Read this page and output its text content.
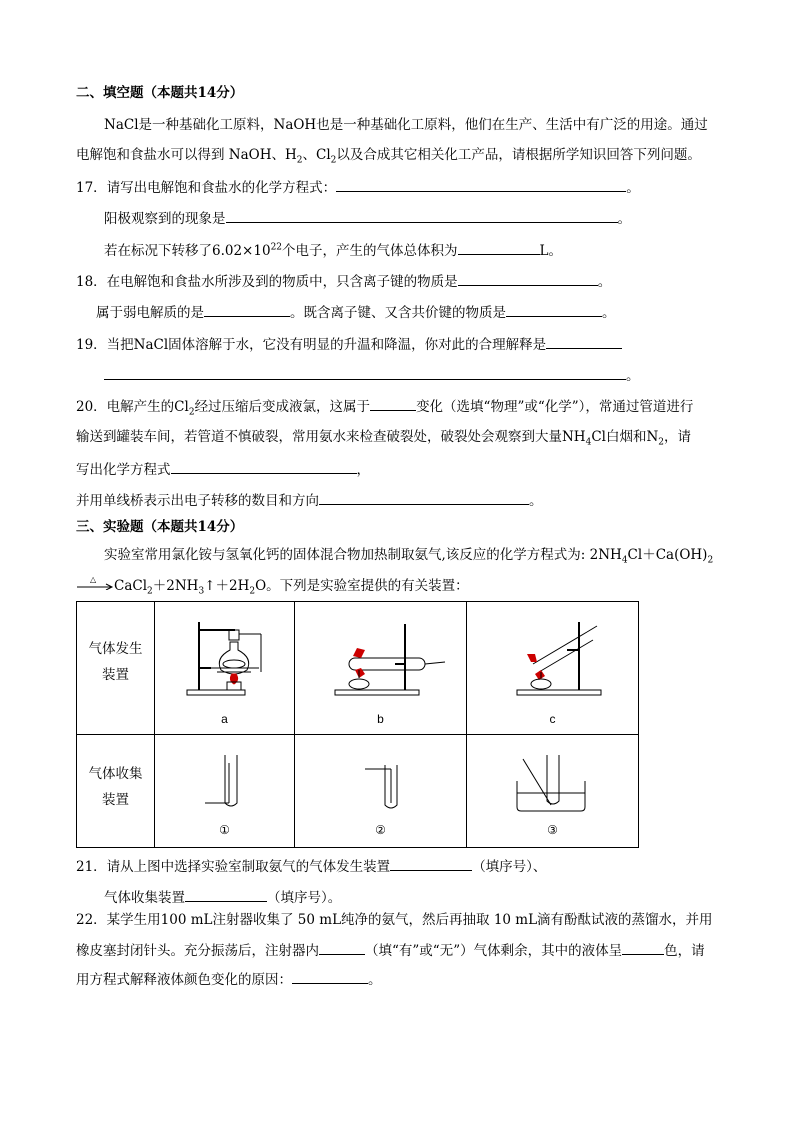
二、填空题（本题共14分）
NaCl是一种基础化工原料，NaOH也是一种基础化工原料，他们在生产、生活中有广泛的用途。通过
电解饱和食盐水可以得到 NaOH、$H_2$、$Cl_2$以及合成其它相关化工产品，请根据所学知识回答下列问题。
17．请写出电解饱和食盐水的化学方程式：	。
阳极观察到的现象是	。
若在标况下转移了$6.02\times 10^{22}$个电子，产生的气体总体积为	L。
18．在电解饱和食盐水所涉及到的物质中，只含离子键的物质是	。
属于弱电解质的是	。既含离子键、又含共价键的物质是	。
19．当把NaCl固体溶解于水，它没有明显的升温和降温，你对此的合理解释是
。
20．电解产生的$Cl_2$经过压缩后变成液氯，这属于	变化（选填“物理”或“化学”），常通过管道进行
输送到罐装车间，若管道不慎破裂，常用氨水来检查破裂处，破裂处会观察到大量$NH_4Cl$白烟和$N_2$，请
写出化学方程式	，
并用单线桥表示出电子转移的数目和方向	。
三、实验题（本题共14分）
实验室常用氯化铵与氢氧化钙的固体混合物加热制取氨气,该反应的化学方程式为: $2NH_4Cl+Ca(OH)_2$
△ $CaCl_2+2NH_3↑+2H_2O$。下列是实验室提供的有关装置：
气体发生
装置	a	b	c

气体收集
装置	①	②	③
21．请从上图中选择实验室制取氨气的气体发生装置	（填序号）、
气体收集装置	（填序号）。
22．某学生用100 mL注射器收集了 50 mL纯净的氨气，然后再抽取 10 mL滴有酚酞试液的蒸馏水，并用
橡皮塞封闭针头。充分振荡后，注射器内	（填“有”或“无”）气体剩余，其中的液体呈	色，请
用方程式解释液体颜色变化的原因：	。
